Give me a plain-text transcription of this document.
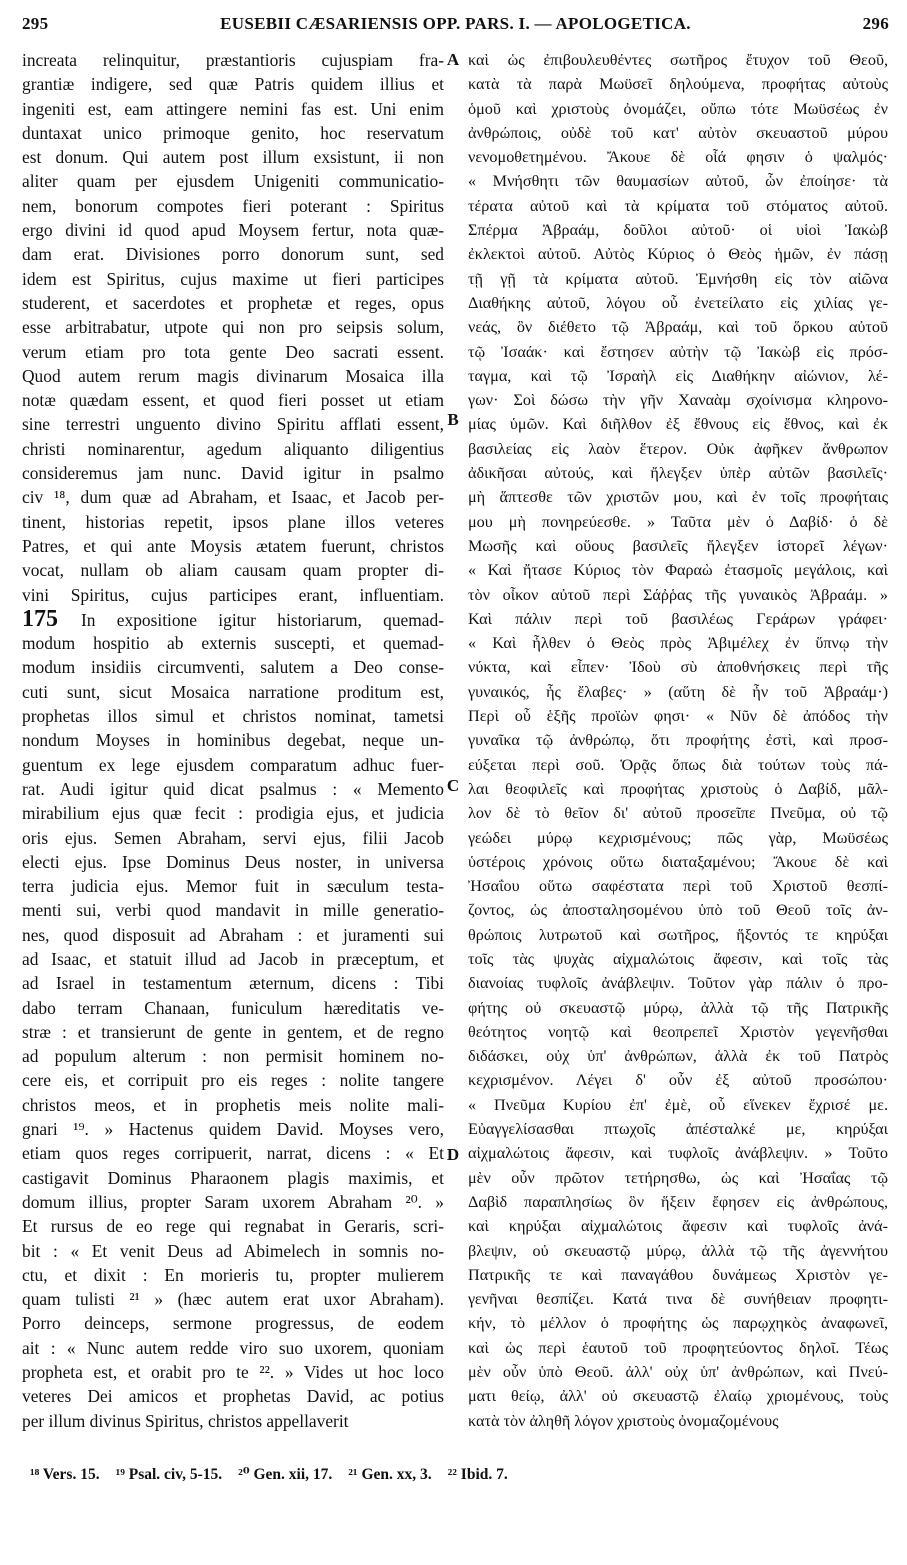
295	EUSEBII CÆSARIENSIS OPP. PARS. I. — APOLOGETICA.	296
increata relinquitur, præstantioris cujuspiam fra-
grantiæ indigere, sed quæ Patris quidem illius et
ingeniti est, eam attingere nemini fas est. Uni enim
duntaxat unico primoque genito, hoc reservatum
est donum. Qui autem post illum exsistunt, ii non
aliter quam per ejusdem Unigeniti communicatio-
nem, bonorum compotes fieri poterant : Spiritus
ergo divini id quod apud Moysem fertur, nota quæ-
dam erat. Divisiones porro donorum sunt, sed
idem est Spiritus, cujus maxime ut fieri participes
studerent, et sacerdotes et prophetæ et reges, opus
esse arbitrabatur, utpote qui non pro seipsis solum,
verum etiam pro tota gente Deo sacrati essent.
Quod autem rerum magis divinarum Mosaica illa
notæ quædam essent, et quod fieri posset ut etiam
sine terrestri unguento divino Spiritu afflati essent,
christi nominarentur, agedum aliquanto diligentius
consideremus jam nunc. David igitur in psalmo
civ ¹⁸, dum quæ ad Abraham, et Isaac, et Jacob per-
tinent, historias repetit, ipsos plane illos veteres
Patres, et qui ante Moysis ætatem fuerunt, christos
vocat, nullam ob aliam causam quam propter di-
vini Spiritus, cujus participes erant, influentiam.
175 In expositione igitur historiarum, quemad-
modum hospitio ab externis suscepti, et quemad-
modum insidiis circumventi, salutem a Deo conse-
cuti sunt, sicut Mosaica narratione proditum est,
prophetas illos simul et christos nominat, tametsi
nondum Moyses in hominibus degebat, neque un-
guentum ex lege ejusdem comparatum adhuc fuer-
rat. Audi igitur quid dicat psalmus : « Memento
mirabilium ejus quæ fecit : prodigia ejus, et judicia
oris ejus. Semen Abraham, servi ejus, filii Jacob
electi ejus. Ipse Dominus Deus noster, in universa
terra judicia ejus. Memor fuit in sæculum testa-
menti sui, verbi quod mandavit in mille generatio-
nes, quod disposuit ad Abraham : et juramenti sui
ad Isaac, et statuit illud ad Jacob in præceptum, et
ad Israel in testamentum æternum, dicens : Tibi
dabo terram Chanaan, funiculum hæreditatis ve-
stræ : et transierunt de gente in gentem, et de regno
ad populum alterum : non permisit hominem no-
cere eis, et corripuit pro eis reges : nolite tangere
christos meos, et in prophetis meis nolite mali-
gnari ¹⁹. » Hactenus quidem David. Moyses vero,
etiam quos reges corripuerit, narrat, dicens : « Et
castigavit Dominus Pharaonem plagis maximis, et
domum illius, propter Saram uxorem Abraham ²⁰. »
Et rursus de eo rege qui regnabat in Geraris, scri-
bit : « Et venit Deus ad Abimelech in somnis no-
ctu, et dixit : En morieris tu, propter mulierem
quam tulisti ²¹ » (hæc autem erat uxor Abraham).
Porro deinceps, sermone progressus, de eodem
ait : « Nunc autem redde viro suo uxorem, quoniam
propheta est, et orabit pro te ²². » Vides ut hoc loco
veteres Dei amicos et prophetas David, ac potius
per illum divinus Spiritus, christos appellaverit
καὶ ὡς ἐπιβουλευθέντες σωτῆρος ἔτυχον τοῦ Θεοῦ,
κατὰ τὰ παρὰ Μωϋσεῖ δηλούμενα, προφήτας αὐτοὺς
ὁμοῦ καὶ χριστοὺς ὀνομάζει, οὔπω τότε Μωϋσέως ἐν
ἀνθρώποις, οὐδὲ τοῦ κατ' αὐτὸν σκευαστοῦ μύρου
νενομοθετημένου. Ἄκουε δὲ οἷά φησιν ὁ ψαλμός·
« Μνήσθητι τῶν θαυμασίων αὐτοῦ, ὧν ἐποίησε· τὰ
τέρατα αὐτοῦ καὶ τὰ κρίματα τοῦ στόματος αὐτοῦ.
Σπέρμα Ἀβραάμ, δοῦλοι αὐτοῦ· οἱ υἱοὶ Ἰακὼβ
ἐκλεκτοὶ αὐτοῦ. Αὐτὸς Κύριος ὁ Θεὸς ἡμῶν, ἐν πάσῃ
τῇ γῇ τὰ κρίματα αὐτοῦ. Ἐμνήσθη εἰς τὸν αἰῶνα
Διαθήκης αὐτοῦ, λόγου οὗ ἐνετείλατο εἰς χιλίας γε-
νεάς, ὃν διέθετο τῷ Ἀβραάμ, καὶ τοῦ ὅρκου αὐτοῦ
τῷ Ἰσαάκ· καὶ ἔστησεν αὐτὴν τῷ Ἰακὼβ εἰς πρόσ-
ταγμα, καὶ τῷ Ἰσραὴλ εἰς Διαθήκην αἰώνιον, λέ-
γων· Σοὶ δώσω τὴν γῆν Χαναὰμ σχοίνισμα κληρονο-
μίας ὑμῶν. Καὶ διῆλθον ἐξ ἔθνους εἰς ἔθνος, καὶ ἐκ
βασιλείας εἰς λαὸν ἕτερον. Οὐκ ἀφῆκεν ἄνθρωπον
ἀδικῆσαι αὐτούς, καὶ ἤλεγξεν ὑπὲρ αὐτῶν βασιλεῖς·
μὴ ἅπτεσθε τῶν χριστῶν μου, καὶ ἐν τοῖς προφήταις
μου μὴ πονηρεύεσθε. » Ταῦτα μὲν ὁ Δαβίδ· ὁ δὲ
Μωσῆς καὶ οὕους βασιλεῖς ἤλεγξεν ἱστορεῖ λέγων·
« Καὶ ἤτασε Κύριος τὸν Φαραὼ ἐτασμοῖς μεγάλοις, καὶ
τὸν οἶκον αὐτοῦ περὶ Σάῤῥας τῆς γυναικὸς Ἀβραάμ. »
Καὶ πάλιν περὶ τοῦ βασιλέως Γεράρων γράφει·
« Καὶ ἦλθεν ὁ Θεὸς πρὸς Ἀβιμέλεχ ἐν ὕπνῳ τὴν
νύκτα, καὶ εἶπεν· Ἰδοὺ σὺ ἀποθνήσκεις περὶ τῆς
γυναικός, ἧς ἔλαβες· » (αὕτη δὲ ἦν τοῦ Ἀβραάμ·)
Περὶ οὗ ἑξῆς προϊὼν φησι· « Νῦν δὲ ἀπόδος τὴν
γυναῖκα τῷ ἀνθρώπῳ, ὅτι προφήτης ἐστὶ, καὶ προσ-
εύξεται περὶ σοῦ. Ὁρᾷς ὅπως διὰ τούτων τοὺς πά-
λαι θεοφιλεῖς καὶ προφήτας χριστοὺς ὁ Δαβίδ, μᾶλ-
λον δὲ τὸ θεῖον δι' αὐτοῦ προσεῖπε Πνεῦμα, οὐ τῷ
γεώδει μύρῳ κεχρισμένους; πῶς γὰρ, Μωϋσέως
ὑστέροις χρόνοις οὕτω διαταξαμένου; Ἄκουε δὲ καὶ
Ἠσαΐου οὕτω σαφέστατα περὶ τοῦ Χριστοῦ θεσπί-
ζοντος, ὡς ἀποσταλησομένου ὑπὸ τοῦ Θεοῦ τοῖς ἀν-
θρώποις λυτρωτοῦ καὶ σωτῆρος, ἥξοντός τε κηρύξαι
τοῖς τὰς ψυχὰς αἰχμαλώτοις ἄφεσιν, καὶ τοῖς τὰς
διανοίας τυφλοῖς ἀνάβλεψιν. Τοῦτον γὰρ πάλιν ὁ προ-
φήτης οὐ σκευαστῷ μύρῳ, ἀλλὰ τῷ τῆς Πατρικῆς
θεότητος νοητῷ καὶ θεοπρεπεῖ Χριστὸν γεγενῆσθαι
διδάσκει, οὐχ ὑπ' ἀνθρώπων, ἀλλὰ ἐκ τοῦ Πατρὸς
κεχρισμένον. Λέγει δ' οὖν ἐξ αὐτοῦ προσώπου·
« Πνεῦμα Κυρίου ἐπ' ἐμὲ, οὗ εἵνεκεν ἔχρισέ με.
Εὐαγγελίσασθαι πτωχοῖς ἀπέσταλκέ με, κηρύξαι
αἰχμαλώτοις ἄφεσιν, καὶ τυφλοῖς ἀνάβλεψιν. » Τοῦτο
μὲν οὖν πρῶτον τετήρησθω, ὡς καὶ Ἠσαΐας τῷ
Δαβὶδ παραπλησίως ὃν ἥξειν ἔφησεν εἰς ἀνθρώπους,
καὶ κηρύξαι αἰχμαλώτοις ἄφεσιν καὶ τυφλοῖς ἀνά-
βλεψιν, οὐ σκευαστῷ μύρῳ, ἀλλὰ τῷ τῆς ἀγεννήτου
Πατρικῆς τε καὶ παναγάθου δυνάμεως Χριστὸν γε-
γενῆναι θεσπίζει. Κατά τινα δὲ συνήθειαν προφητι-
κήν, τὸ μέλλον ὁ προφήτης ὡς παρῳχηκὸς ἀναφωνεῖ,
καὶ ὡς περὶ ἑαυτοῦ τοῦ προφητεύοντος δηλοῖ. Τέως
μὲν οὖν ὑπὸ Θεοῦ. ἀλλ' οὐχ ὑπ' ἀνθρώπων, καὶ Πνεύ-
ματι θείῳ, ἀλλ' οὐ σκευαστῷ ἐλαίῳ χριομένους, τοὺς
κατὰ τὸν ἀληθῆ λόγον χριστοὺς ὀνομαζομένους
A
B
C
D
¹⁸ Vers. 15. ¹⁹ Psal. civ, 5-15. ²⁰ Gen. xii, 17. ²¹ Gen. xx, 3. ²² Ibid. 7.
